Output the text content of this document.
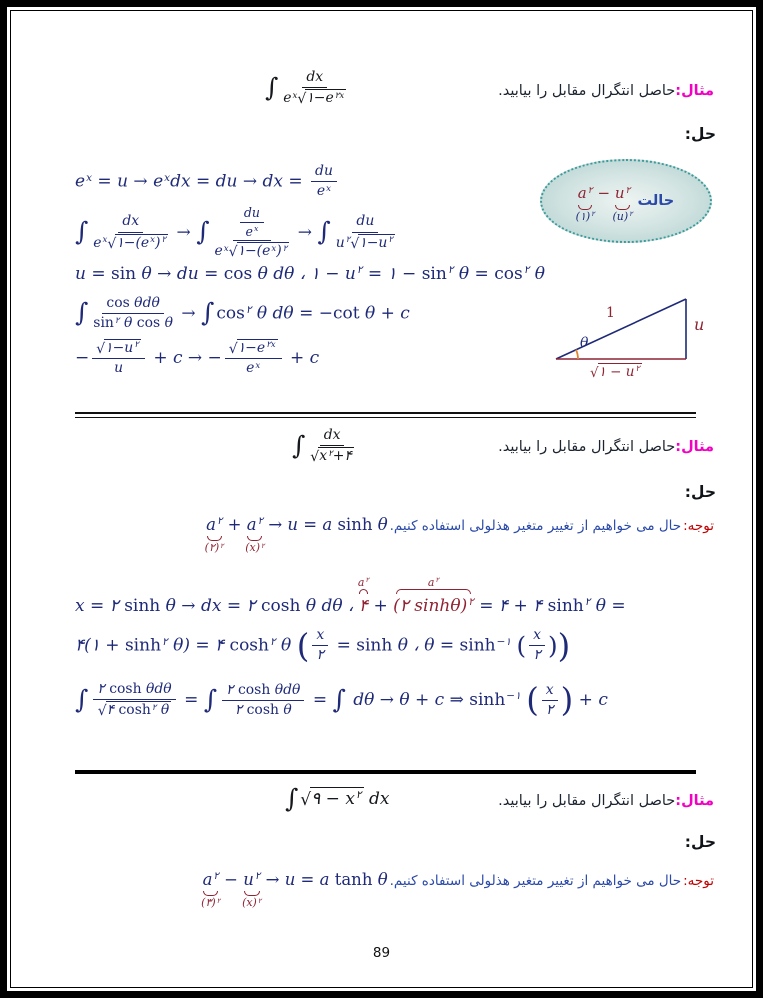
مثال:حاصل انتگرال مقابل را بیابید.
∫ $\frac{dx}{e^x√۱-e^{۲x}}$
حل:
$e^x = u \to e^xdx$ = du → dx = $\frac{du}{e^x}$
حالت
$a^۲$
(۱)$^۲$
− $u^۲$
$(u)^۲$
∫ $\frac{dx}{e^x√۱-(e^x)^۲}$ → ∫ $\frac{\frac{du}{e^x}}{e^x√۱-(e^x)^۲}$ → ∫ $\frac{du}{u^۲√۱-u^۲}$
u = sin θ → du = cos θ dθ ، ۱ − $u^۲$ = ۱ − $\sin^۲ \theta = \cos^۲ \theta$
∫ $\frac{\text{cos θdθ}}{\sin^۲ \theta \cos \theta}$ → ∫ $\cos^۲ \theta$ dθ = −cot θ + c	1
u
θ
√۱ − $u^۲$
− $\frac{√۱-u^۲}{u} + c$ → − $\frac{√۱-e^{۲x}}{e^x} + c$
مثال:حاصل انتگرال مقابل را بیابید.
∫ $\frac{dx}{√x^۲+۴}$
حل:
توجه:
حال می خواهیم از تغییر متغیر هذلولی استفاده کنیم.
$a^۲$
(۲)$^۲$
+ $a^۲$
$(x)^۲$
→ u = a sinh θ
x = ۲ sinh θ → dx = ۲ cosh θ dθ ، ۴
$a^۲$
+ (۲ sinhθ)$^۲$
$a^۲$
= ۴ + ۴ $\sinh^۲ \theta$ =
۴(۱ + $\sinh^۲ \theta$) = ۴ $\cosh^۲ \theta$ ( $\frac{x}{۲} = \sinh \theta$ ، $\theta = \sinh^{-۱}$ ( $\frac{x}{۲}$ ) )
∫ $\frac{\text{۲ cosh θdθ}}{√۴ \cosh^۲ \theta}$ = ∫ $\frac{\text{۲ cosh θdθ}}{\text{۲ cosh θ}}$ = ∫ dθ → θ + c ⇒ $\sinh^{-۱}$ ( $\frac{x}{۲}$ ) + c
مثال:حاصل انتگرال مقابل را بیابید.
∫ √۹ − $x^۲$ dx
حل:
توجه:
حال می خواهیم از تغییر متغیر هذلولی استفاده کنیم.
$a^۲$
(۳)$^۲$
− $u^۲$
$(x)^۲$
→ u = a tanh θ
89
